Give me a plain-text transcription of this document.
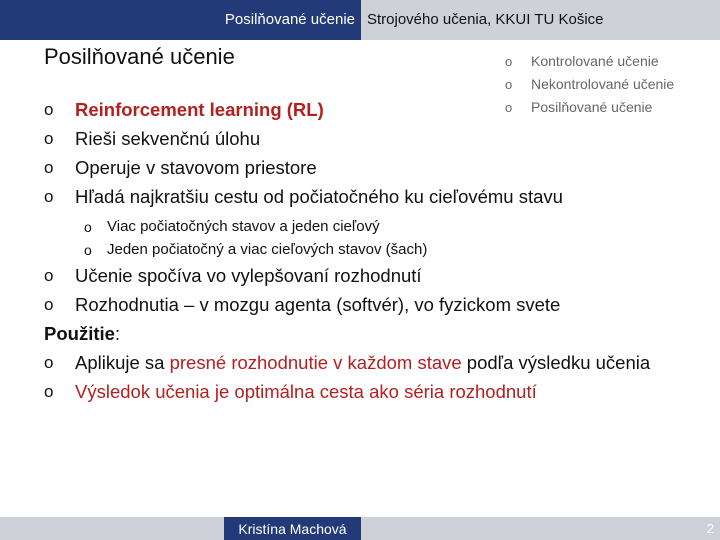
Posilňované učenie Strojového učenia, KKUI TU Košice
Posilňované učenie	o	Kontrolované učenie
o	Nekontrolované učenie
o	Posilňované učenie
o	Reinforcement learning (RL)
o	Rieši sekvenčnú úlohu
o	Operuje v stavovom priestore
o	Hľadá najkratšiu cestu od počiatočného ku cieľovému stavu
o	Viac počiatočných stavov a jeden cieľový
o	Jeden počiatočný a viac cieľových stavov (šach)
o	Učenie spočíva vo vylepšovaní rozhodnutí
o	Rozhodnutia – v mozgu agenta (softvér), vo fyzickom svete
Použitie :
o	Aplikuje sa presné rozhodnutie v každom stave podľa výsledku učenia
o	Výsledok učenia je optimálna cesta ako séria rozhodnutí
Kristína Machová	2
